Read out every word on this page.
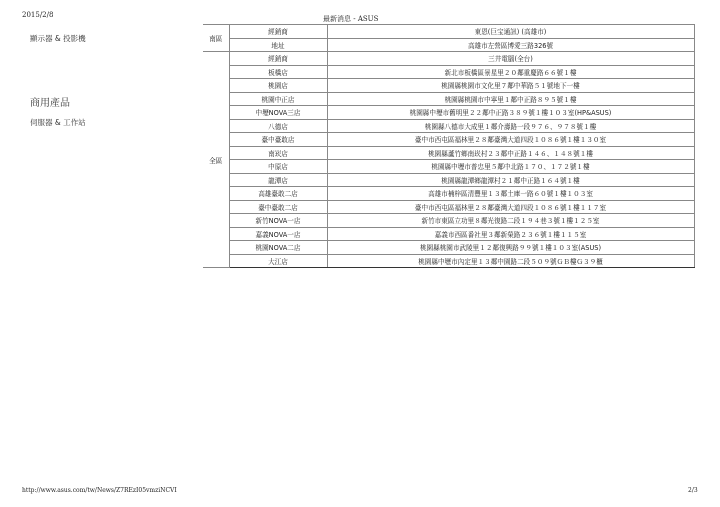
2015/2/8	最新消息 - ASUS
顯示器 & 投影機
商用產品
伺服器 & 工作站
南區	經銷商	東恩(巨宝通訊) (高雄市)
	地址	高雄市左營區博愛三路326號
全區	經銷商	三井電腦(全台)
	板橋店	新北市板橋區景星里２０鄰重慶路６６號１樓
	桃園店	桃園縣桃園市文化里７鄰中華路５１號地下一樓
	桃園中正店	桃園縣桃園市中寧里１鄰中正路８９５號１樓
	中壢NOVA三店	桃園縣中壢市舊明里２２鄰中正路３８９號１樓１０３室(HP&ASUS)
	八德店	桃園縣八德市大成里１鄰介壽路一段９７６、９７８號１樓
	臺中臺敢店	臺中市西屯區福林里２８鄰臺灣大道四段１０８６號１樓１３０室
	南崁店	桃園縣蘆竹鄉南崁村２３鄰中正路１４６、１４８號１樓
	中原店	桃園縣中壢市普忠里５鄰中北路１７０、１７２號１樓
	龍潭店	桃園縣龍潭鄉龍潭村２１鄰中正路１６４號１樓
	高雄臺敢二店	高雄市楠梓區清豐里１３鄰土庫一路６０號１樓１０３室
	臺中臺敢二店	臺中市西屯區福林里２８鄰臺灣大道四段１０８６號１樓１１７室
	新竹NOVA一店	新竹市東區立功里８鄰光復路二段１９４巷３號１樓１２５室
	嘉義NOVA一店	嘉義市西區番社里３鄰新榮路２３６號１樓１１５室
	桃園NOVA二店	桃園縣桃園市武陵里１２鄰復興路９９號１樓１０３室(ASUS)
	大江店	桃園縣中壢市內定里１３鄰中園路二段５０９號ＧＢ樓Ｇ３９櫃
http://www.asus.com/tw/News/Z7REzI05vmziNCVI	2/3
